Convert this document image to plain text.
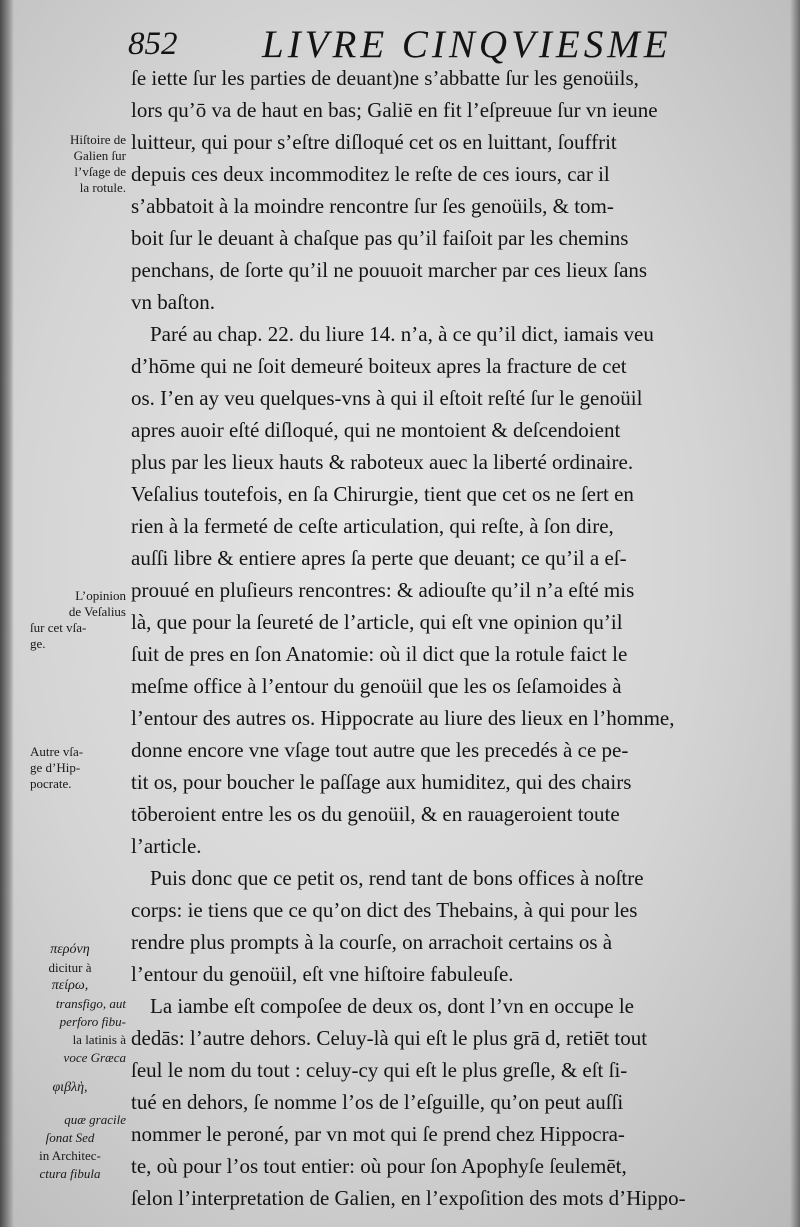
852 LIVRE CINQVIESME
ſe iette ſur les parties de deuant)ne s’abbatte ſur les genoüils,
lors qu’ō va de haut en bas; Galiē en fit l’eſpreuue ſur vn ieune
luitteur, qui pour s’eſtre diſloqué cet os en luittant, ſouffrit
depuis ces deux incommoditez le reſte de ces iours, car il
s’abbatoit à la moindre rencontre ſur ſes genoüils, & tom-
boit ſur le deuant à chaſque pas qu’il faiſoit par les chemins
penchans, de ſorte qu’il ne pouuoit marcher par ces lieux ſans
vn baſton.
Paré au chap. 22. du liure 14. n’a, à ce qu’il dict, iamais veu
d’hōme qui ne ſoit demeuré boiteux apres la fracture de cet
os. I’en ay veu quelques-vns à qui il eſtoit reſté ſur le genoüil
apres auoir eſté diſloqué, qui ne montoient & deſcendoient
plus par les lieux hauts & raboteux auec la liberté ordinaire.
Veſalius toutefois, en ſa Chirurgie, tient que cet os ne ſert en
rien à la fermeté de ceſte articulation, qui reſte, à ſon dire,
auſſi libre & entiere apres ſa perte que deuant; ce qu’il a eſ-
prouué en pluſieurs rencontres: & adiouſte qu’il n’a eſté mis
là, que pour la ſeureté de l’article, qui eſt vne opinion qu’il
ſuit de pres en ſon Anatomie: où il dict que la rotule faict le
meſme office à l’entour du genoüil que les os ſeſamoides à
l’entour des autres os. Hippocrate au liure des lieux en l’homme,
donne encore vne vſage tout autre que les precedés à ce pe-
tit os, pour boucher le paſſage aux humiditez, qui des chairs
tōberoient entre les os du genoüil, & en rauageroient toute
l’article.
Puis donc que ce petit os, rend tant de bons offices à noſtre
corps: ie tiens que ce qu’on dict des Thebains, à qui pour les
rendre plus prompts à la courſe, on arrachoit certains os à
l’entour du genoüil, eſt vne hiſtoire fabuleuſe.
La iambe eſt compoſee de deux os, dont l’vn en occupe le
dedās: l’autre dehors. Celuy-là qui eſt le plus grā d, retiēt tout
ſeul le nom du tout : celuy-cy qui eſt le plus greſle, & eſt ſi-
tué en dehors, ſe nomme l’os de l’eſguille, qu’on peut auſſi
nommer le peroné, par vn mot qui ſe prend chez Hippocra-
te, où pour l’os tout entier: où pour ſon Apophyſe ſeulemēt,
ſelon l’interpretation de Galien, en l’expoſition des mots d’Hippo-
Hiſtoire de
Galien ſur
l’vſage de
la rotule.
L’opinion
de Veſalius
ſur cet vſa-
ge.
Autre vſa-
ge d’Hip-
pocrate.
περόνη
dicitur à
πείρω,
transfigo, aut
perforo fibu-
la latinis à
voce Græca
φιβλὴ,
quæ gracile
ſonat Sed
in Architec-
ctura fibula
